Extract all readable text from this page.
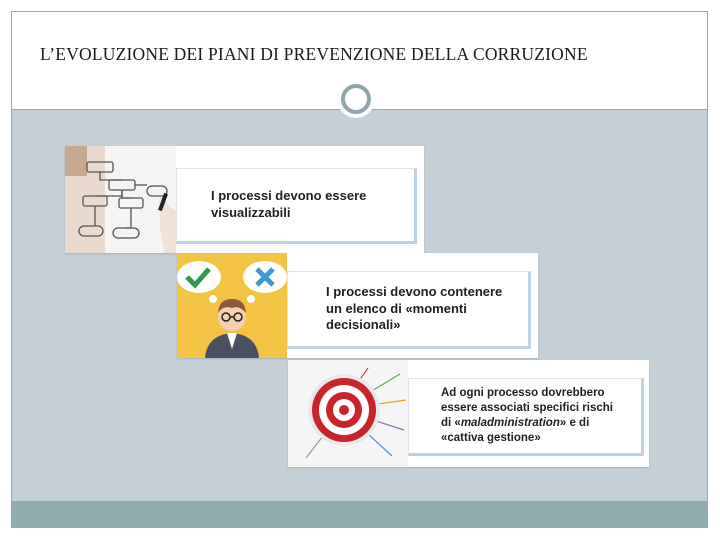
L’EVOLUZIONE DEI PIANI DI PREVENZIONE DELLA CORRUZIONE
I processi devono essere
visualizzabili
I processi devono contenere
un elenco di «momenti
decisionali»
Ad ogni processo dovrebbero
essere associati specifici rischi
di «maladministration» e di
«cattiva gestione»
